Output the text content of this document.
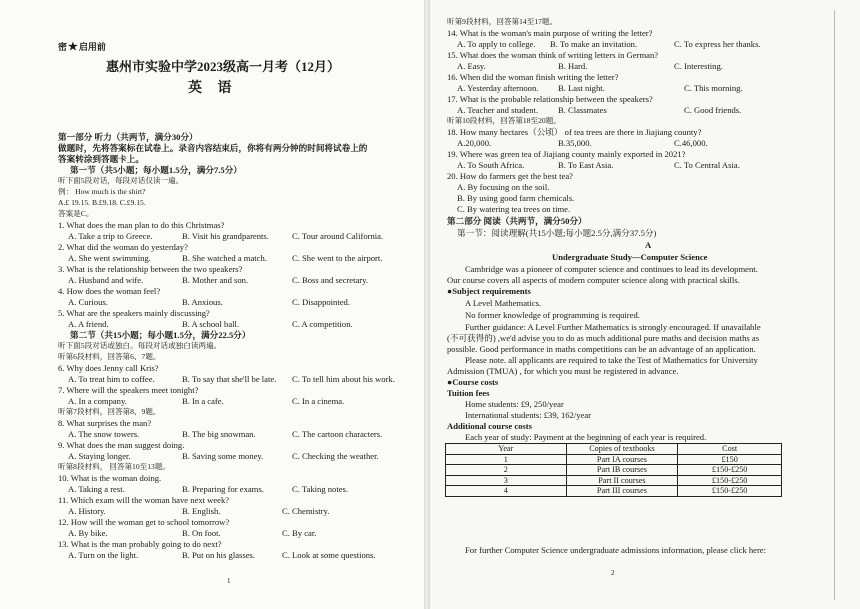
密★启用前
惠州市实验中学2023级高一月考（12月）
英 语
第一部分 听力（共两节，满分30分）
做题时，先将答案标在试卷上。录音内容结束后，你将有两分钟的时间将试卷上的
答案转涂到答题卡上。
第一节（共5小题；每小题1.5分，满分7.5分）
听下面5段对话，每段对话仅读一遍。
例： How much is the shirt?
A.£ 19.15. B.£9.18. C.£9.15.
答案是C。
1. What does the man plan to do this Christmas?
A. Take a trip to Greece.	B. Visit his grandparents.	C. Tour around California.
2. What did the woman do yesterday?
A. She went swimming.	B. She watched a match.	C. She went to the airport.
3. What is the relationship between the two speakers?
A. Husband and wife.	B. Mother and son.	C. Boss and secretary.
4. How does the woman feel?
A. Curious.	B. Anxious.	C. Disappointed.
5. What are the speakers mainly discussing?
A. A friend.	B. A school ball.	C. A competition.
第二节（共15小题；每小题1.5分，满分22.5分）
听下面5段对话或独白。每段对话或独白读两遍。
听第6段材料，回答第6、7题。
6. Why does Jenny call Kris?
A. To treat him to coffee.	B. To say that she'll be late. C. To tell him about his work.
7. Where will the speakers meet tonight?
A. In a company.	B. In a cafe.	C. In a cinema.
听第7段材料，回答第8、9题。
8. What surprises the man?
A. The snow towers.	B. The big snowman.	C. The cartoon characters.
9. What does the man suggest doing.
A. Staying longer.	B. Saving some money.	C. Checking the weather.
听第8段材料， 回答第10至13题。
10. What is the woman doing.
A. Taking a rest.	B. Preparing for exams.	C. Taking notes.
11. Which exam will the woman have next week?
A. History.	B. English.	C. Chemistry.
12. How will the woman get to school tomorrow?
A. By bike.	B. On foot.	C. By car.
13. What is the man probably going to do next?
A. Turn on the light.	B. Put on his glasses.	C. Look at some questions.
1
听第9段材料，回答第14至17题。
14. What is the woman's main purpose of writing the letter?
A. To apply to college. B. To make an invitation.	C. To express her thanks.
15. What does the woman think of writing letters in German?
A. Easy.	B. Hard.	C. Interesting.
16. When did the woman finish writing the letter?
A. Yesterday afternoon. B. Last night.	C. This morning.
17. What is the probable relationship between the speakers?
A. Teacher and student. B. Classmates	C. Good friends.
听第10段材料，回答第18至20题。
18. How many hectares（公顷） of tea trees are there in Jiajiang county?
A.20,000.	B.35,000.	C.46,000.
19. Where was green tea of Jiajiang county mainly exported in 2021?
A. To South Africa.	B. To East Asia.	C. To Central Asia.
20. How do farmers get the best tea?
A. By focusing on the soil.
B. By using good farm chemicals.
C. By watering tea trees on time.
第二部分 阅读（共两节，满分50分）
第一节：阅读理解(共15小题;每小题2.5分,满分37.5分)
A
Undergraduate Study—Computer Science
Cambridge was a pioneer of computer science and continues to lead its development.
Our course covers all aspects of modern computer science along with practical skills.
●Subject requirements
A Level Mathematics.
No former knowledge of programming is required.
Further guidance: A Level Further Mathematics is strongly encouraged. If unavailable
(不可获得的) ,we'd advise you to do as much additional pure maths and decision maths as
possible. Good performance in maths competitions can be an advantage of an application.
Please note. all applicants are required to take the Test of Mathematics for University
Admission (TMUA) , for which you must be registered in advance.
●Course costs
Tuition fees
Home students: £9, 250/year
International students: £39, 162/year
Additional course costs
Each year of study: Payment at the beginning of each year is required.
Year	Copies of textbooks	Cost
1	Part IA courses	£150
2	Part IB courses	£150-£250
3	Part II courses	£150-£250
4	Part III courses	£150-£250
For further Computer Science undergraduate admissions information, please click here:
2
